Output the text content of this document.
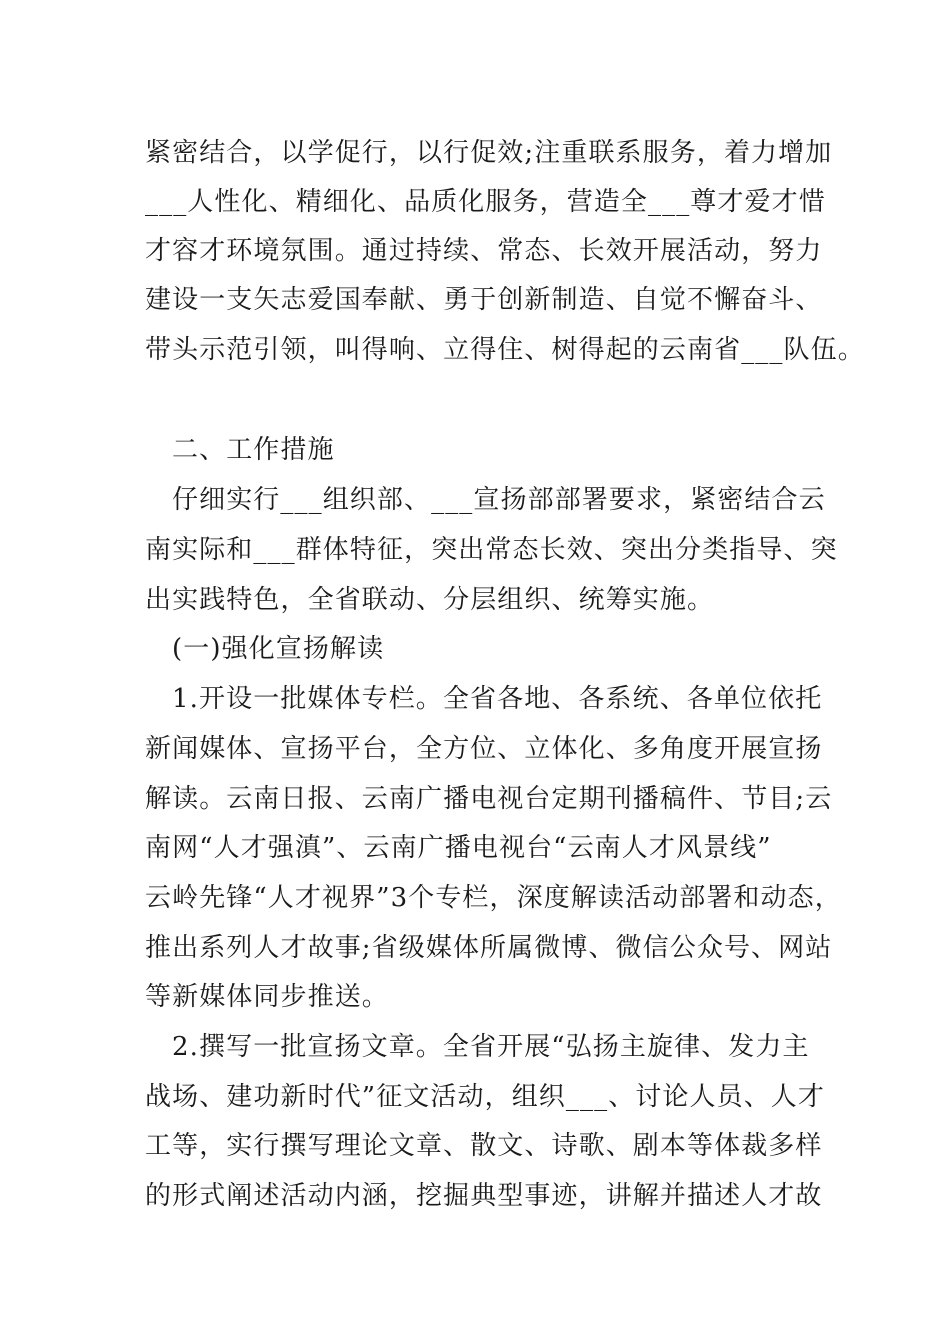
紧密结合，以学促行，以行促效;注重联系服务，着力增加
___人性化、精细化、品质化服务，营造全___尊才爱才惜
才容才环境氛围。通过持续、常态、长效开展活动，努力
建设一支矢志爱国奉献、勇于创新制造、自觉不懈奋斗、
带头示范引领，叫得响、立得住、树得起的云南省___队伍。
二、工作措施
仔细实行___组织部、___宣扬部部署要求，紧密结合云
南实际和___群体特征，突出常态长效、突出分类指导、突
出实践特色，全省联动、分层组织、统筹实施。
(一)强化宣扬解读
1.开设一批媒体专栏。全省各地、各系统、各单位依托
新闻媒体、宣扬平台，全方位、立体化、多角度开展宣扬
解读。云南日报、云南广播电视台定期刊播稿件、节目;云
南网“人才强滇”、云南广播电视台“云南人才风景线”
云岭先锋“人才视界”3个专栏，深度解读活动部署和动态，
推出系列人才故事;省级媒体所属微博、微信公众号、网站
等新媒体同步推送。
2.撰写一批宣扬文章。全省开展“弘扬主旋律、发力主
战场、建功新时代”征文活动，组织___、讨论人员、人才
工等，实行撰写理论文章、散文、诗歌、剧本等体裁多样
的形式阐述活动内涵，挖掘典型事迹，讲解并描述人才故
